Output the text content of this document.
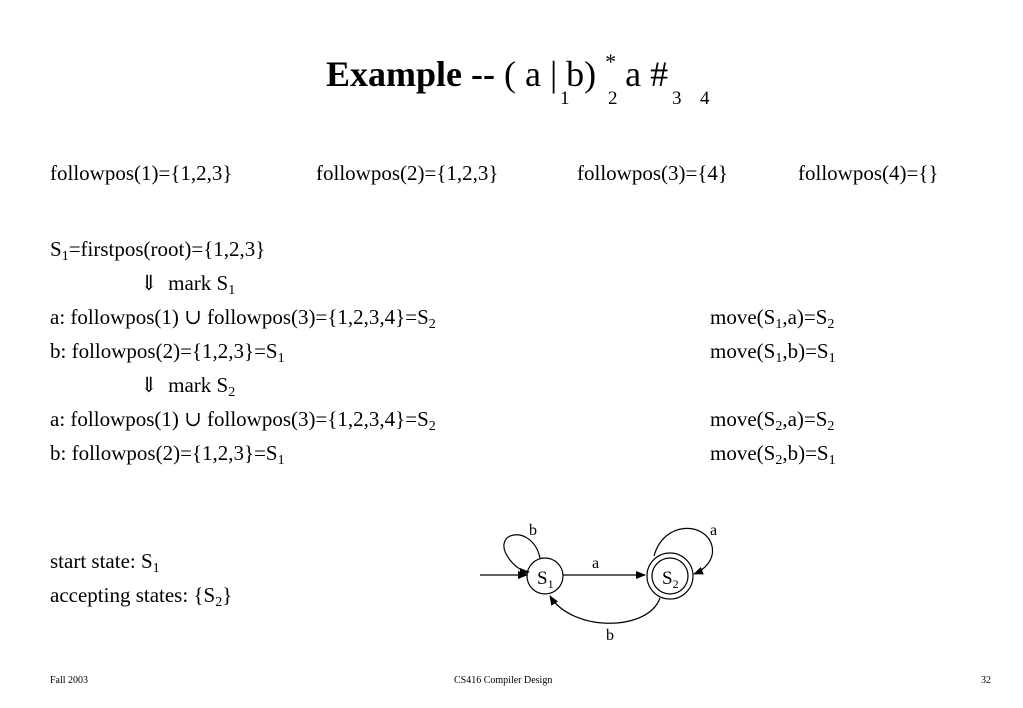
Example -- ( a | b) * a #
1 2	3 4
followpos(1)={1,2,3}	followpos(2)={1,2,3}	followpos(3)={4}	followpos(4)={}
$S_1=firstpos(root)=\{1,2,3\}$
⇓ mark $S_1$
a: followpos(1) ∪ $followpos(3)=\{1,2,3,4\}=S_2$	$move(S_1,a)=S_2$
b: $followpos(2)=\{1,2,3\}=S_1$	$move(S_1,b)=S_1$
⇓ mark $S_2$
a: followpos(1) ∪ $followpos(3)=\{1,2,3,4\}=S_2$	$move(S_2,a)=S_2$
b: $followpos(2)=\{1,2,3\}=S_1$	$move(S_2,b)=S_1$
start state: $S_1$
accepting states: $\{S_2\}$
$S_1$	$S_2$
a
b
b	a
Fall 2003	CS416 Compiler Design	32
